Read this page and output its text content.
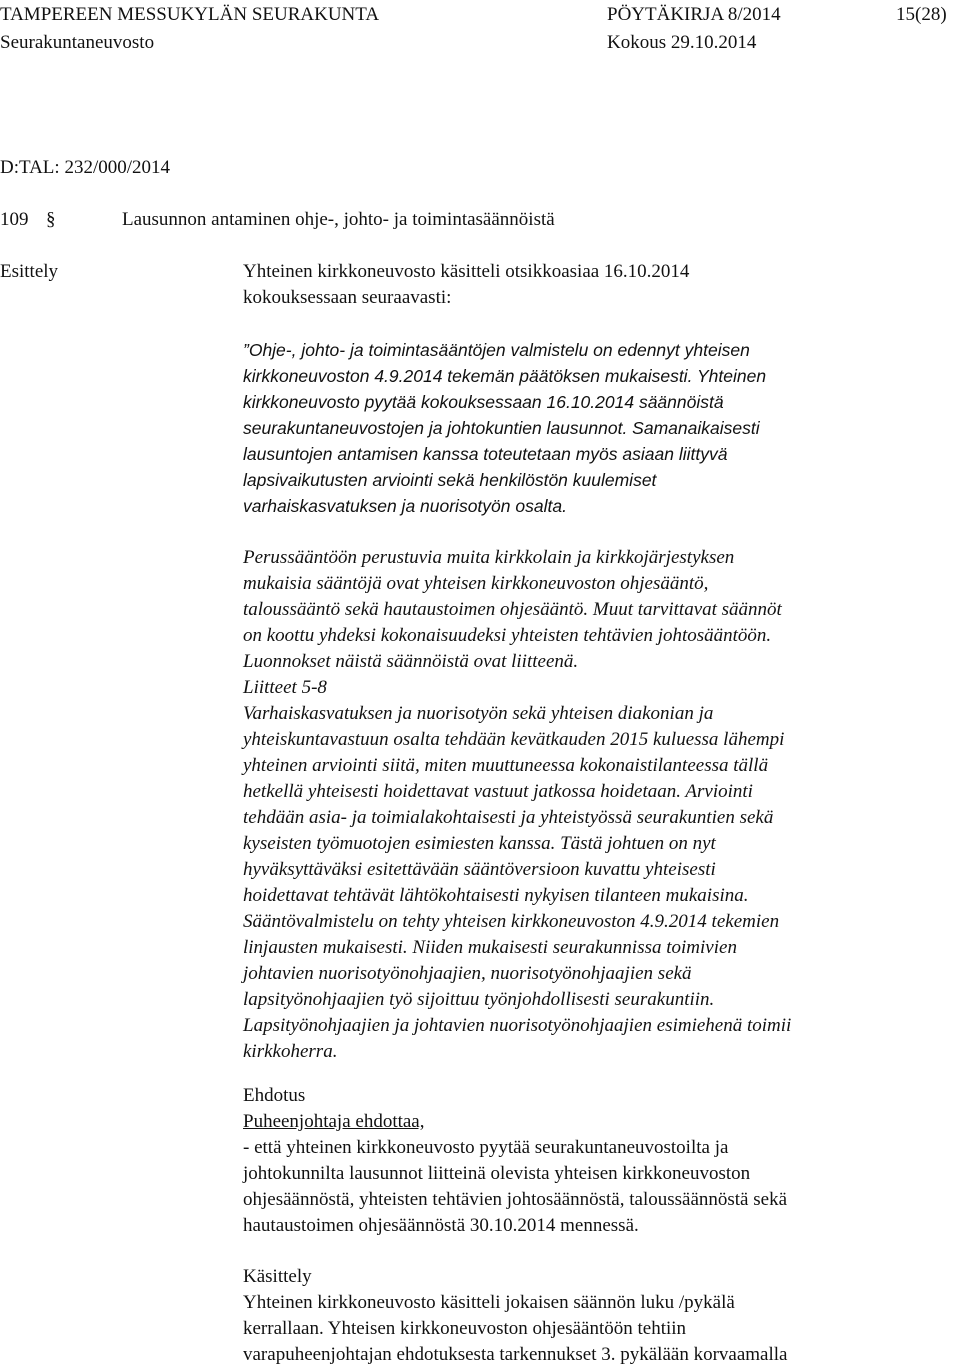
TAMPEREEN MESSUKYLÄN SEURAKUNTA	PÖYTÄKIRJA 8/2014	15(28)
Seurakuntaneuvosto	Kokous 29.10.2014
D:TAL: 232/000/2014
109 §	Lausunnon antaminen ohje-, johto- ja toimintasäännöistä
Esittely	Yhteinen kirkkoneuvosto käsitteli otsikkoasiaa 16.10.2014
kokouksessaan seuraavasti:
”Ohje-, johto- ja toimintasääntöjen valmistelu on edennyt yhteisen
kirkkoneuvoston 4.9.2014 tekemän päätöksen mukaisesti. Yhteinen
kirkkoneuvosto pyytää kokouksessaan 16.10.2014 säännöistä
seurakuntaneuvostojen ja johtokuntien lausunnot. Samanaikaisesti
lausuntojen antamisen kanssa toteutetaan myös asiaan liittyvä
lapsivaikutusten arviointi sekä henkilöstön kuulemiset
varhaiskasvatuksen ja nuorisotyön osalta.
Perussääntöön perustuvia muita kirkkolain ja kirkkojärjestyksen
mukaisia sääntöjä ovat yhteisen kirkkoneuvoston ohjesääntö,
taloussääntö sekä hautaustoimen ohjesääntö. Muut tarvittavat säännöt
on koottu yhdeksi kokonaisuudeksi yhteisten tehtävien johtosääntöön.
Luonnokset näistä säännöistä ovat liitteenä.
Liitteet 5-8
Varhaiskasvatuksen ja nuorisotyön sekä yhteisen diakonian ja
yhteiskuntavastuun osalta tehdään kevätkauden 2015 kuluessa lähempi
yhteinen arviointi siitä, miten muuttuneessa kokonaistilanteessa tällä
hetkellä yhteisesti hoidettavat vastuut jatkossa hoidetaan. Arviointi
tehdään asia- ja toimialakohtaisesti ja yhteistyössä seurakuntien sekä
kyseisten työmuotojen esimiesten kanssa. Tästä johtuen on nyt
hyväksyttäväksi esitettävään sääntöversioon kuvattu yhteisesti
hoidettavat tehtävät lähtökohtaisesti nykyisen tilanteen mukaisina.
Sääntövalmistelu on tehty yhteisen kirkkoneuvoston 4.9.2014 tekemien
linjausten mukaisesti. Niiden mukaisesti seurakunnissa toimivien
johtavien nuorisotyönohjaajien, nuorisotyönohjaajien sekä
lapsityönohjaajien työ sijoittuu työnjohdollisesti seurakuntiin.
Lapsityönohjaajien ja johtavien nuorisotyönohjaajien esimiehenä toimii
kirkkoherra.
Ehdotus
Puheenjohtaja ehdottaa,
- että yhteinen kirkkoneuvosto pyytää seurakuntaneuvostoilta ja
johtokunnilta lausunnot liitteinä olevista yhteisen kirkkoneuvoston
ohjesäännöstä, yhteisten tehtävien johtosäännöstä, taloussäännöstä sekä
hautaustoimen ohjesäännöstä 30.10.2014 mennessä.
Käsittely
Yhteinen kirkkoneuvosto käsitteli jokaisen säännön luku /pykälä
kerrallaan. Yhteisen kirkkoneuvoston ohjesääntöön tehtiin
varapuheenjohtajan ehdotuksesta tarkennukset 3. pykälään korvaamalla
